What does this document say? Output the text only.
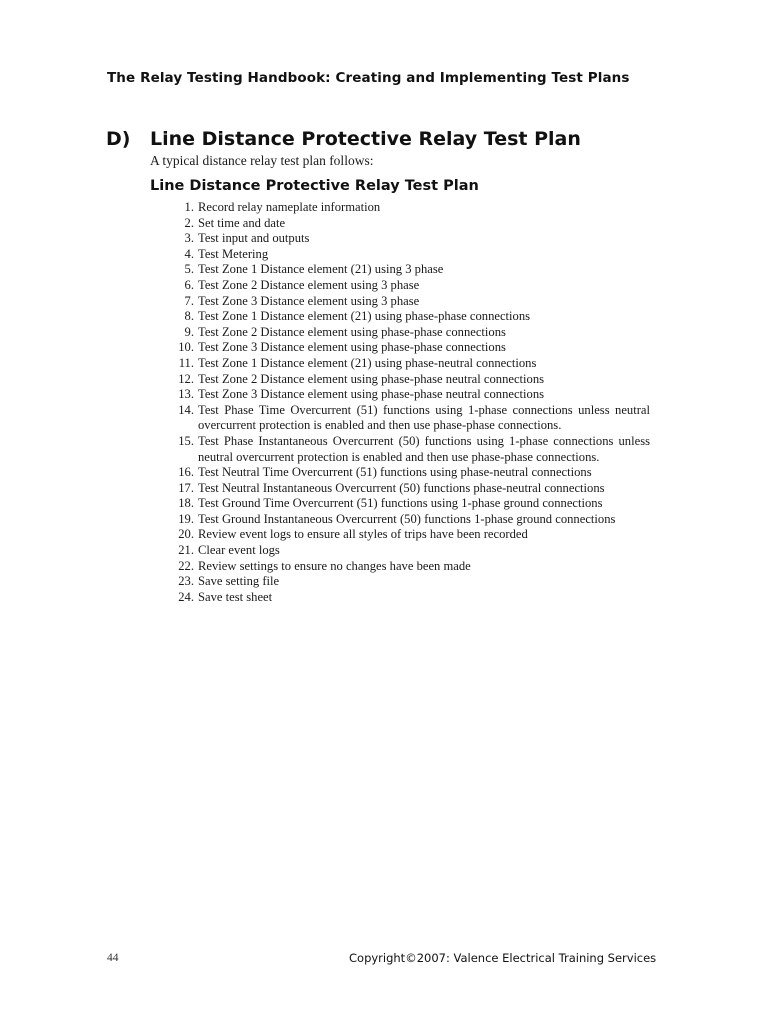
The Relay Testing Handbook: Creating and Implementing Test Plans
D) Line Distance Protective Relay Test Plan
A typical distance relay test plan follows:
Line Distance Protective Relay Test Plan
1. Record relay nameplate information
2. Set time and date
3. Test input and outputs
4. Test Metering
5. Test Zone 1 Distance element (21) using 3 phase
6. Test Zone 2 Distance element using 3 phase
7. Test Zone 3 Distance element using 3 phase
8. Test Zone 1 Distance element (21) using phase-phase connections
9. Test Zone 2 Distance element using phase-phase connections
10. Test Zone 3 Distance element using phase-phase connections
11. Test Zone 1 Distance element (21) using phase-neutral connections
12. Test Zone 2 Distance element using phase-phase neutral connections
13. Test Zone 3 Distance element using phase-phase neutral connections
14. Test Phase Time Overcurrent (51) functions using 1-phase connections unless neutral overcurrent protection is enabled and then use phase-phase connections.
15. Test Phase Instantaneous Overcurrent (50) functions using 1-phase connections unless neutral overcurrent protection is enabled and then use phase-phase connections.
16. Test Neutral Time Overcurrent (51) functions using phase-neutral connections
17. Test Neutral Instantaneous Overcurrent (50) functions phase-neutral connections
18. Test Ground Time Overcurrent (51) functions using 1-phase ground connections
19. Test Ground Instantaneous Overcurrent (50) functions 1-phase ground connections
20. Review event logs to ensure all styles of trips have been recorded
21. Clear event logs
22. Review settings to ensure no changes have been made
23. Save setting file
24. Save test sheet
44	Copyright©2007: Valence Electrical Training Services
